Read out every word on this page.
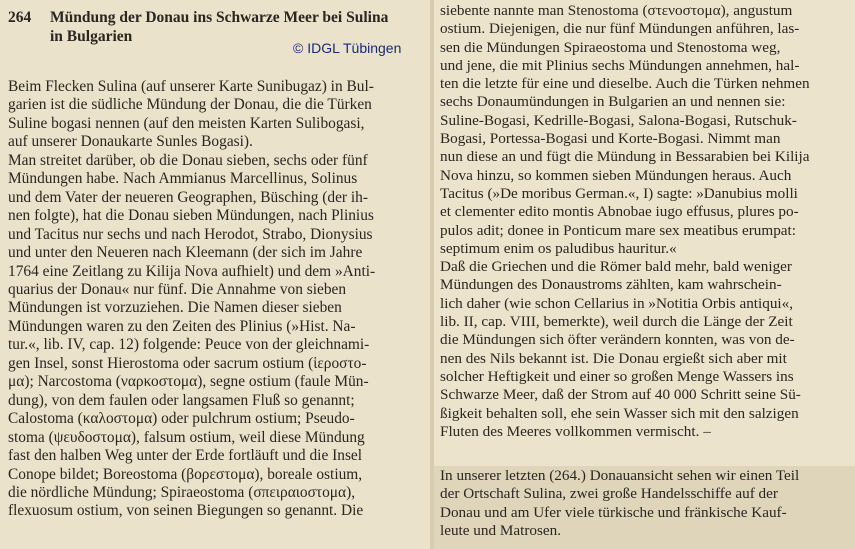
264	Mündung der Donau ins Schwarze Meer bei Sulina
in Bulgarien
© IDGL Tübingen

Beim Flecken Sulina (auf unserer Karte Sunibugaz) in Bul-
garien ist die südliche Mündung der Donau, die die Türken
Suline bogasi nennen (auf den meisten Karten Sulibogasi,
auf unserer Donaukarte Sunles Bogasi).

Man streitet darüber, ob die Donau sieben, sechs oder fünf
Mündungen habe. Nach Ammianus Marcellinus, Solinus
und dem Vater der neueren Geographen, Büsching (der ih-
nen folgte), hat die Donau sieben Mündungen, nach Plinius
und Tacitus nur sechs und nach Herodot, Strabo, Dionysius
und unter den Neueren nach Kleemann (der sich im Jahre
1764 eine Zeitlang zu Kilija Nova aufhielt) und dem »Anti-
quarius der Donau« nur fünf. Die Annahme von sieben
Mündungen ist vorzuziehen. Die Namen dieser sieben
Mündungen waren zu den Zeiten des Plinius (»Hist. Na-
tur.«, lib. IV, cap. 12) folgende: Peuce von der gleichnami-
gen Insel, sonst Hierostoma oder sacrum ostium (ἱεροστο-
μα); Narcostoma (ναρκοστομα), segne ostium (faule Mün-
dung), von dem faulen oder langsamen Fluß so genannt;
Calostoma (καλοστομα) oder pulchrum ostium; Pseudo-
stoma (ψευδοστομα), falsum ostium, weil diese Mündung
fast den halben Weg unter der Erde fortläuft und die Insel
Conope bildet; Boreostoma (βορεστομα), boreale ostium,
die nördliche Mündung; Spiraeostoma (σπειραιοστομα),
flexuosum ostium, von seinen Biegungen so genannt. Die

siebente nannte man Stenostoma (στενοστομα), angustum
ostium. Diejenigen, die nur fünf Mündungen anführen, las-
sen die Mündungen Spiraeostoma und Stenostoma weg,
und jene, die mit Plinius sechs Mündungen annehmen, hal-
ten die letzte für eine und dieselbe. Auch die Türken nehmen
sechs Donaumündungen in Bulgarien an und nennen sie:
Suline-Bogasi, Kedrille-Bogasi, Salona-Bogasi, Rutschuk-
Bogasi, Portessa-Bogasi und Korte-Bogasi. Nimmt man
nun diese an und fügt die Mündung in Bessarabien bei Kilija
Nova hinzu, so kommen sieben Mündungen heraus. Auch
Tacitus (»De moribus German.«, I) sagte: »Danubius molli
et clementer edito montis Abnobae iugo effusus, plures po-
pulos adit; donee in Ponticum mare sex meatibus erumpat:
septimum enim os paludibus hauritur.«

Daß die Griechen und die Römer bald mehr, bald weniger
Mündungen des Donaustroms zählten, kam wahrschein-
lich daher (wie schon Cellarius in »Notitia Orbis antiqui«,
lib. II, cap. VIII, bemerkte), weil durch die Länge der Zeit
die Mündungen sich öfter verändern konnten, was von de-
nen des Nils bekannt ist. Die Donau ergießt sich aber mit
solcher Heftigkeit und einer so großen Menge Wassers ins
Schwarze Meer, daß der Strom auf 40 000 Schritt seine Sü-
ßigkeit behalten soll, ehe sein Wasser sich mit den salzigen
Fluten des Meeres vollkommen vermischt. –

In unserer letzten (264.) Donauansicht sehen wir einen Teil
der Ortschaft Sulina, zwei große Handelsschiffe auf der
Donau und am Ufer viele türkische und fränkische Kauf-
leute und Matrosen.
